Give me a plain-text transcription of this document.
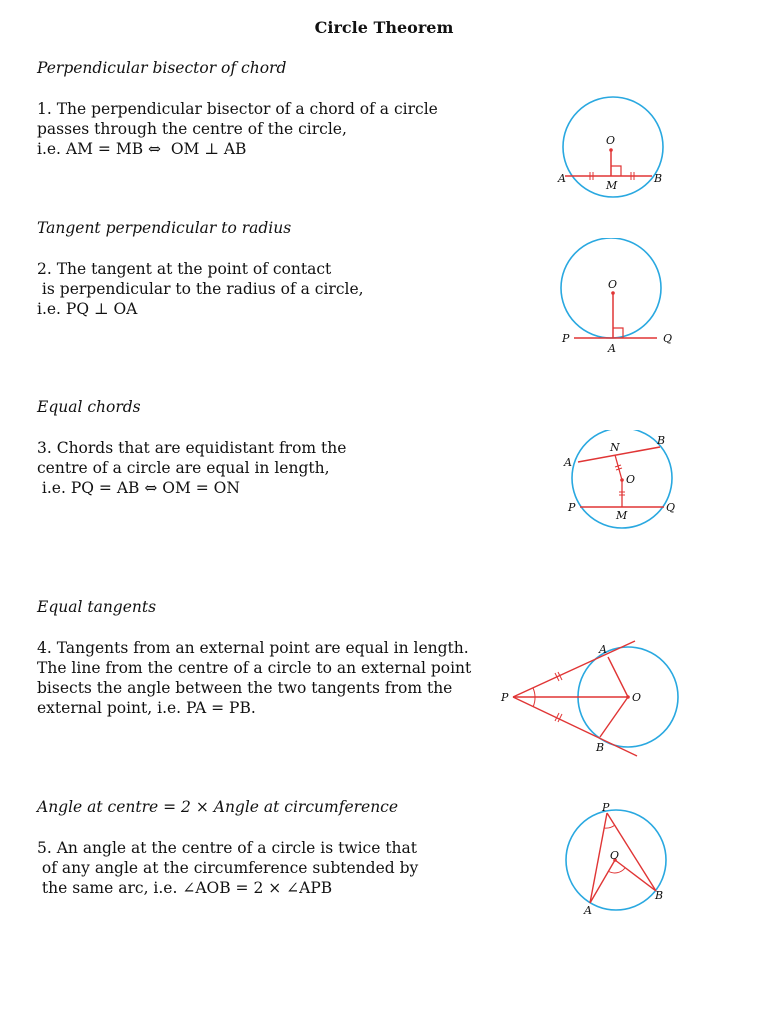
Circle Theorem
Perpendicular bisector of chord
1. The perpendicular bisector of a chord of a circle
passes through the centre of the circle,
i.e. AM = MB ⇔  OM ⊥ AB	O
A
M
B
Tangent perpendicular to radius
2. The tangent at the point of contact
is perpendicular to the radius of a circle,
i.e. PQ ⊥ OA
O
P
A
Q
Equal chords
3. Chords that are equidistant from the
centre of a circle are equal in length,
i.e. PQ = AB ⇔ OM = ON
N
B
A
O
P
M
Q
Equal tangents
4. Tangents from an external point are equal in length.
The line from the centre of a circle to an external point
bisects the angle between the two tangents from the
external point, i.e. PA = PB.
A
P	O
B
Angle at centre = 2 × Angle at circumference
5. An angle at the centre of a circle is twice that
of any angle at the circumference subtended by
the same arc, i.e. ∠AOB = 2 × ∠APB
P
O
A
B
